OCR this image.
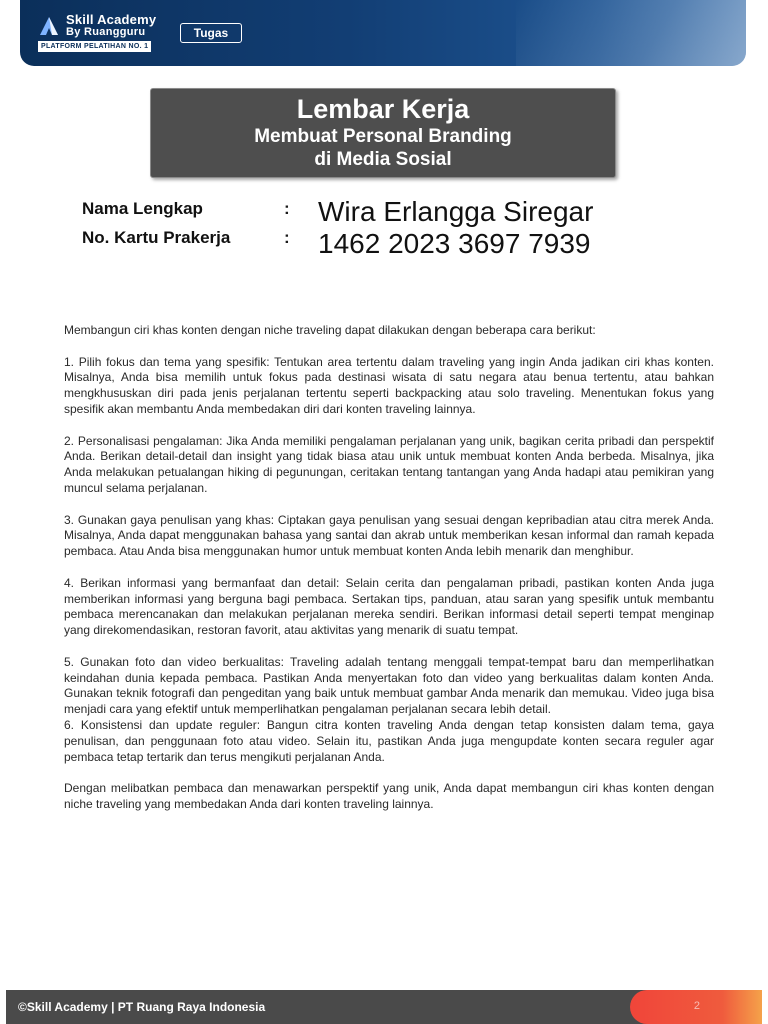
Skill Academy
By Ruangguru
PLATFORM PELATIHAN NO. 1
Tugas
Lembar Kerja
Membuat Personal Branding
di Media Sosial
Nama Lengkap	: Wira Erlangga Siregar
No. Kartu Prakerja	: 1462 2023 3697 7939

Membangun ciri khas konten dengan niche traveling dapat dilakukan dengan beberapa cara berikut:

1. Pilih fokus dan tema yang spesifik: Tentukan area tertentu dalam traveling yang ingin Anda jadikan ciri khas konten. Misalnya, Anda bisa memilih untuk fokus pada destinasi wisata di satu negara atau benua tertentu, atau bahkan mengkhususkan diri pada jenis perjalanan tertentu seperti backpacking atau solo traveling. Menentukan fokus yang spesifik akan membantu Anda membedakan diri dari konten traveling lainnya.

2. Personalisasi pengalaman: Jika Anda memiliki pengalaman perjalanan yang unik, bagikan cerita pribadi dan perspektif Anda. Berikan detail-detail dan insight yang tidak biasa atau unik untuk membuat konten Anda berbeda. Misalnya, jika Anda melakukan petualangan hiking di pegunungan, ceritakan tentang tantangan yang Anda hadapi atau pemikiran yang muncul selama perjalanan.

3. Gunakan gaya penulisan yang khas: Ciptakan gaya penulisan yang sesuai dengan kepribadian atau citra merek Anda. Misalnya, Anda dapat menggunakan bahasa yang santai dan akrab untuk memberikan kesan informal dan ramah kepada pembaca. Atau Anda bisa menggunakan humor untuk membuat konten Anda lebih menarik dan menghibur.

4. Berikan informasi yang bermanfaat dan detail: Selain cerita dan pengalaman pribadi, pastikan konten Anda juga memberikan informasi yang berguna bagi pembaca. Sertakan tips, panduan, atau saran yang spesifik untuk membantu pembaca merencanakan dan melakukan perjalanan mereka sendiri. Berikan informasi detail seperti tempat menginap yang direkomendasikan, restoran favorit, atau aktivitas yang menarik di suatu tempat.

5. Gunakan foto dan video berkualitas: Traveling adalah tentang menggali tempat-tempat baru dan memperlihatkan keindahan dunia kepada pembaca. Pastikan Anda menyertakan foto dan video yang berkualitas dalam konten Anda. Gunakan teknik fotografi dan pengeditan yang baik untuk membuat gambar Anda menarik dan memukau. Video juga bisa menjadi cara yang efektif untuk memperlihatkan pengalaman perjalanan secara lebih detail.

6. Konsistensi dan update reguler: Bangun citra konten traveling Anda dengan tetap konsisten dalam tema, gaya penulisan, dan penggunaan foto atau video. Selain itu, pastikan Anda juga mengupdate konten secara reguler agar pembaca tetap tertarik dan terus mengikuti perjalanan Anda.

Dengan melibatkan pembaca dan menawarkan perspektif yang unik, Anda dapat membangun ciri khas konten dengan niche traveling yang membedakan Anda dari konten traveling lainnya.

©Skill Academy | PT Ruang Raya Indonesia	2
